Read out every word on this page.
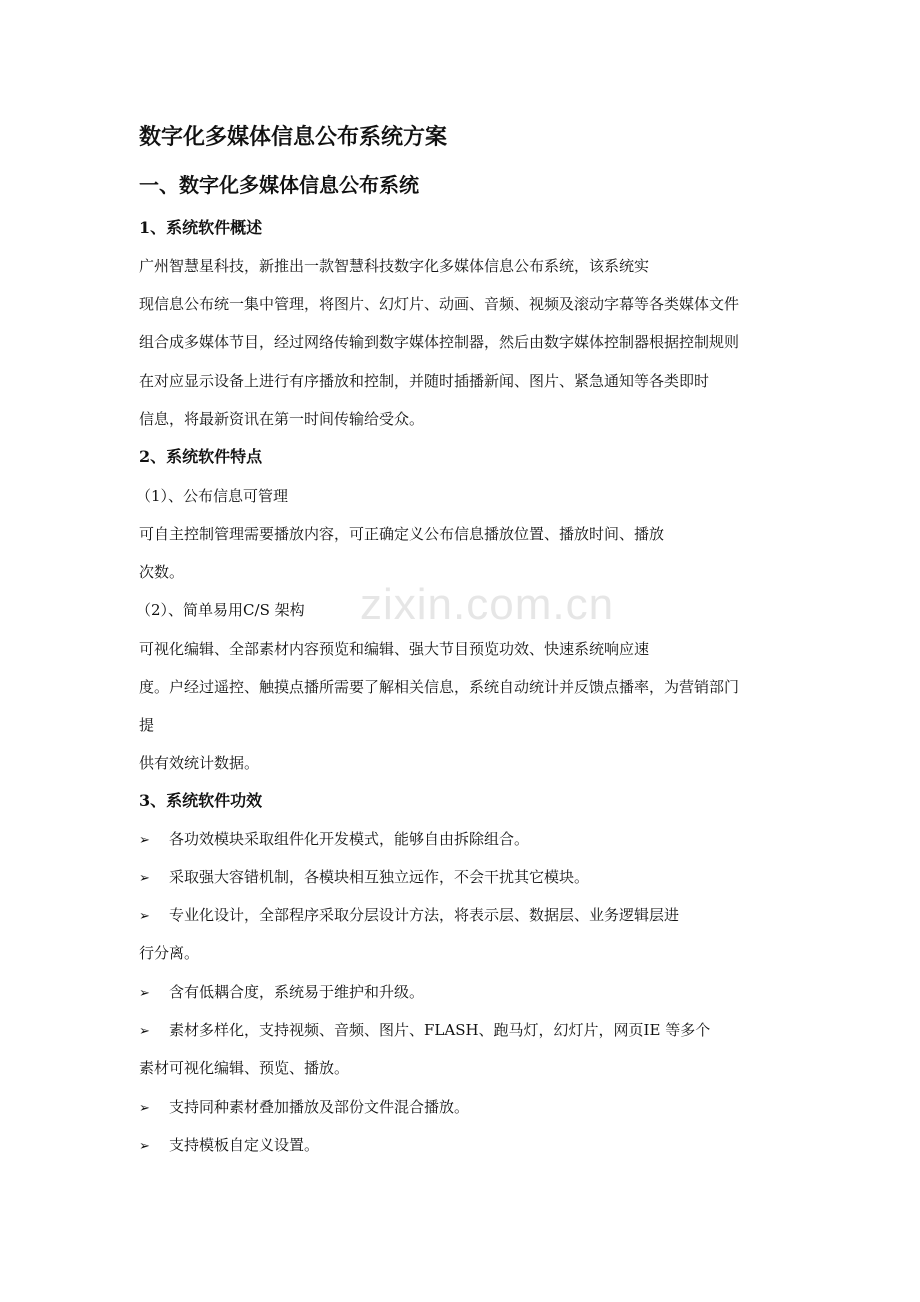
zixin.com.cn
数字化多媒体信息公布系统方案
一、数字化多媒体信息公布系统
1、系统软件概述
广州智慧星科技，新推出一款智慧科技数字化多媒体信息公布系统，该系统实
现信息公布统一集中管理，将图片、幻灯片、动画、音频、视频及滚动字幕等各类媒体文件
组合成多媒体节目，经过网络传输到数字媒体控制器，然后由数字媒体控制器根据控制规则
在对应显示设备上进行有序播放和控制，并随时插播新闻、图片、紧急通知等各类即时
信息，将最新资讯在第一时间传输给受众。
2、系统软件特点
（1）、公布信息可管理
可自主控制管理需要播放内容，可正确定义公布信息播放位置、播放时间、播放
次数。
（2）、简单易用C/S 架构
可视化编辑、全部素材内容预览和编辑、强大节目预览功效、快速系统响应速
度。户经过遥控、触摸点播所需要了解相关信息，系统自动统计并反馈点播率，为营销部门
提
供有效统计数据。
3、系统软件功效
➢ 各功效模块采取组件化开发模式，能够自由拆除组合。
➢ 采取强大容错机制，各模块相互独立远作，不会干扰其它模块。
➢ 专业化设计，全部程序采取分层设计方法，将表示层、数据层、业务逻辑层进
行分离。
➢ 含有低耦合度，系统易于维护和升级。
➢ 素材多样化，支持视频、音频、图片、FLASH、跑马灯，幻灯片，网页IE 等多个
素材可视化编辑、预览、播放。
➢ 支持同种素材叠加播放及部份文件混合播放。
➢ 支持模板自定义设置。
